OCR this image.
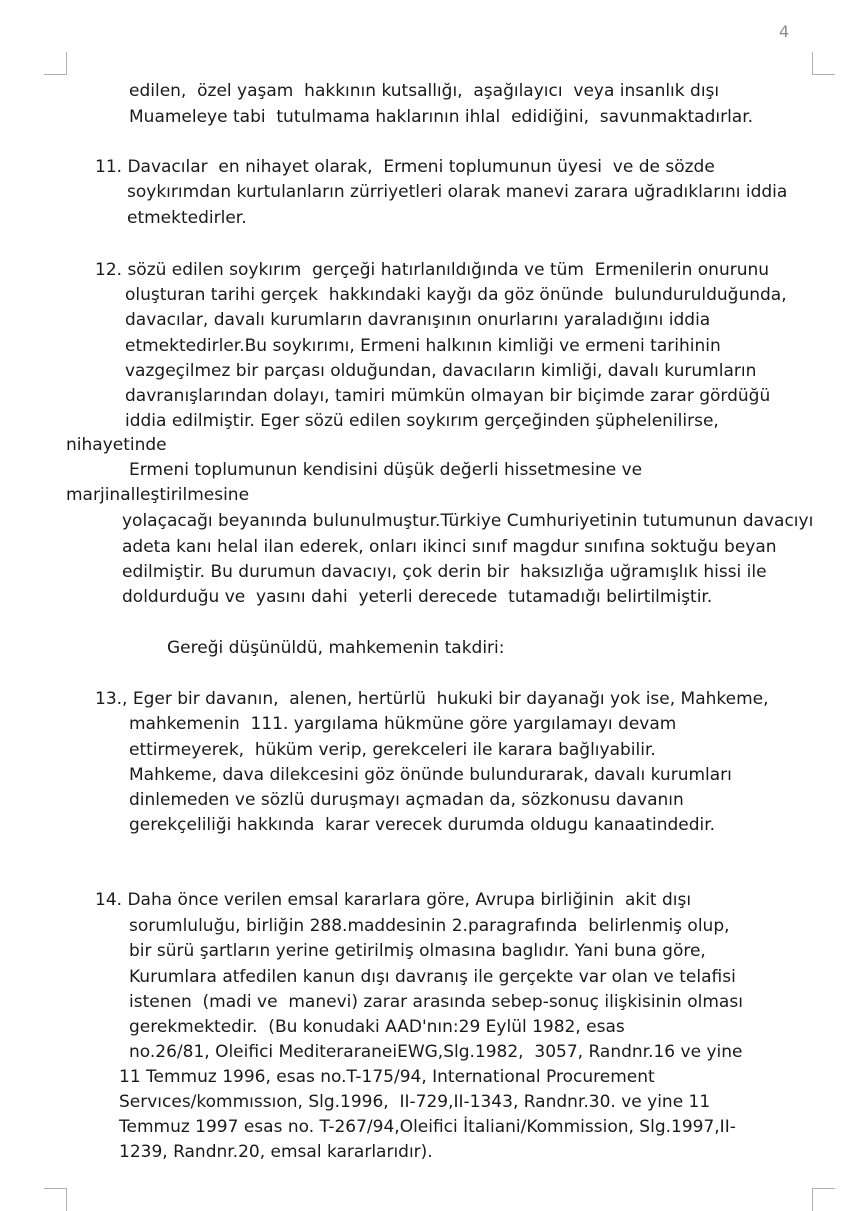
4
edilen,  özel yaşam  hakkının kutsallığı,  aşağılayıcı  veya insanlık dışı
Muameleye tabi  tutulmama haklarının ihlal  edidiğini,  savunmaktadırlar.
11. Davacılar  en nihayet olarak,  Ermeni toplumunun üyesi  ve de sözde
soykırımdan kurtulanların zürriyetleri olarak manevi zarara uğradıklarını iddia
etmektedirler.
12. sözü edilen soykırım  gerçeği hatırlanıldığında ve tüm  Ermenilerin onurunu
oluşturan tarihi gerçek  hakkındaki kayğı da göz önünde  bulundurulduğunda,
davacılar, davalı kurumların davranışının onurlarını yaraladığını iddia
etmektedirler.Bu soykırımı, Ermeni halkının kimliği ve ermeni tarihinin
vazgeçilmez bir parçası olduğundan, davacıların kimliği, davalı kurumların
davranışlarından dolayı, tamiri mümkün olmayan bir biçimde zarar gördüğü
iddia edilmiştir. Eger sözü edilen soykırım gerçeğinden şüphelenilirse,
nihayetinde
Ermeni toplumunun kendisini düşük değerli hissetmesine ve
marjinalleştirilmesine
yolaçacağı beyanında bulunulmuştur.Türkiye Cumhuriyetinin tutumunun davacıyı
adeta kanı helal ilan ederek, onları ikinci sınıf magdur sınıfına soktuğu beyan
edilmiştir. Bu durumun davacıyı, çok derin bir  haksızlığa uğramışlık hissi ile
doldurduğu ve  yasını dahi  yeterli derecede  tutamadığı belirtilmiştir.
Gereği düşünüldü, mahkemenin takdiri:
13., Eger bir davanın,  alenen, hertürlü  hukuki bir dayanağı yok ise, Mahkeme,
mahkemenin  111. yargılama hükmüne göre yargılamayı devam
ettirmeyerek,  hüküm verip, gerekceleri ile karara bağlıyabilir.
Mahkeme, dava dilekcesini göz önünde bulundurarak, davalı kurumları
dinlemeden ve sözlü duruşmayı açmadan da, sözkonusu davanın
gerekçeliliği hakkında  karar verecek durumda oldugu kanaatindedir.
14. Daha önce verilen emsal kararlara göre, Avrupa birliğinin  akit dışı
sorumluluğu, birliğin 288.maddesinin 2.paragrafında  belirlenmiş olup,
bir sürü şartların yerine getirilmiş olmasına baglıdır. Yani buna göre,
Kurumlara atfedilen kanun dışı davranış ile gerçekte var olan ve telafisi
istenen  (madi ve  manevi) zarar arasında sebep-sonuç ilişkisinin olması
gerekmektedir.  (Bu konudaki AAD'nın:29 Eylül 1982, esas
no.26/81, Oleifici MediteraraneiEWG,Slg.1982,  3057, Randnr.16 ve yine
11 Temmuz 1996, esas no.T-175/94, International Procurement
Servıces/kommıssıon, Slg.1996,  II-729,II-1343, Randnr.30. ve yine 11
Temmuz 1997 esas no. T-267/94,Oleifici İtaliani/Kommission, Slg.1997,II-
1239, Randnr.20, emsal kararlarıdır).
